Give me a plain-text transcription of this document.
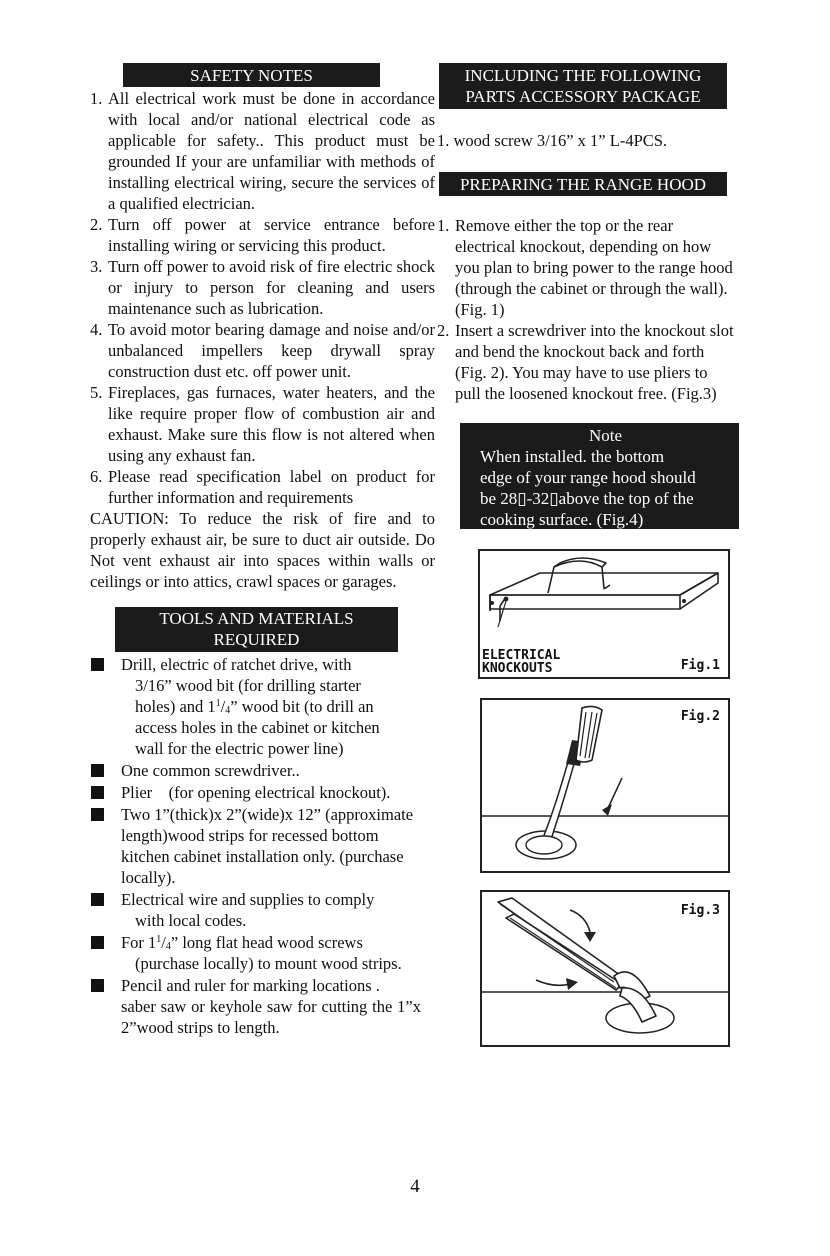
SAFETY NOTES
1. All electrical work must be done in accordance with local and/or national electrical code as applicable for safety.. This product must be grounded If your are unfamiliar with methods of installing electrical wiring, secure the services of a qualified electrician.
2. Turn off power at service entrance before installing wiring or servicing this product.
3. Turn off power to avoid risk of fire electric shock or injury to person for cleaning and users maintenance such as lubrication.
4. To avoid motor bearing damage and noise and/or unbalanced impellers keep drywall spray construction dust etc. off power unit.
5. Fireplaces, gas furnaces, water heaters, and the like require proper flow of combustion air and exhaust. Make sure this flow is not altered when using any exhaust fan.
6. Please read specification label on product for further information and requirements
CAUTION: To reduce the risk of fire and to properly exhaust air, be sure to duct air outside. Do Not vent exhaust air into spaces within walls or ceilings or into attics, crawl spaces or garages.
TOOLS AND MATERIALS
REQUIRED
Drill, electric of ratchet drive, with
3/16” wood bit (for drilling starter
holes) and $1^1/_4$” wood bit (to drill an
access holes in the cabinet or kitchen
wall for the electric power line)
One common screwdriver..
Plier    (for opening electrical knockout).
Two 1”(thick)x 2”(wide)x 12” (approximate length)wood strips for recessed bottom kitchen cabinet installation only. (purchase locally).
Electrical wire and supplies to comply
with local codes.
For $1^1/_4$” long flat head wood screws
(purchase locally) to mount wood strips.
Pencil and ruler for marking locations .
saber saw or keyhole saw for cutting the 1”x 2”wood strips to length.
INCLUDING THE FOLLOWING
PARTS ACCESSORY PACKAGE
1. wood screw 3/16” x 1” L-4PCS.
PREPARING THE RANGE HOOD
1. Remove either the top or the rear electrical knockout, depending on how you plan to bring power to the range hood (through the cabinet or through the wall). (Fig. 1)
2. Insert a screwdriver into the knockout slot and bend the knockout back and forth (Fig. 2). You may have to use pliers to pull the loosened knockout free. (Fig.3)
Note
When installed. the bottom edge of your range hood should be 28▯-32▯above the top of the cooking surface. (Fig.4)
ELECTRICAL
KNOCKOUTS	Fig.1
Fig.2
Fig.3
4
